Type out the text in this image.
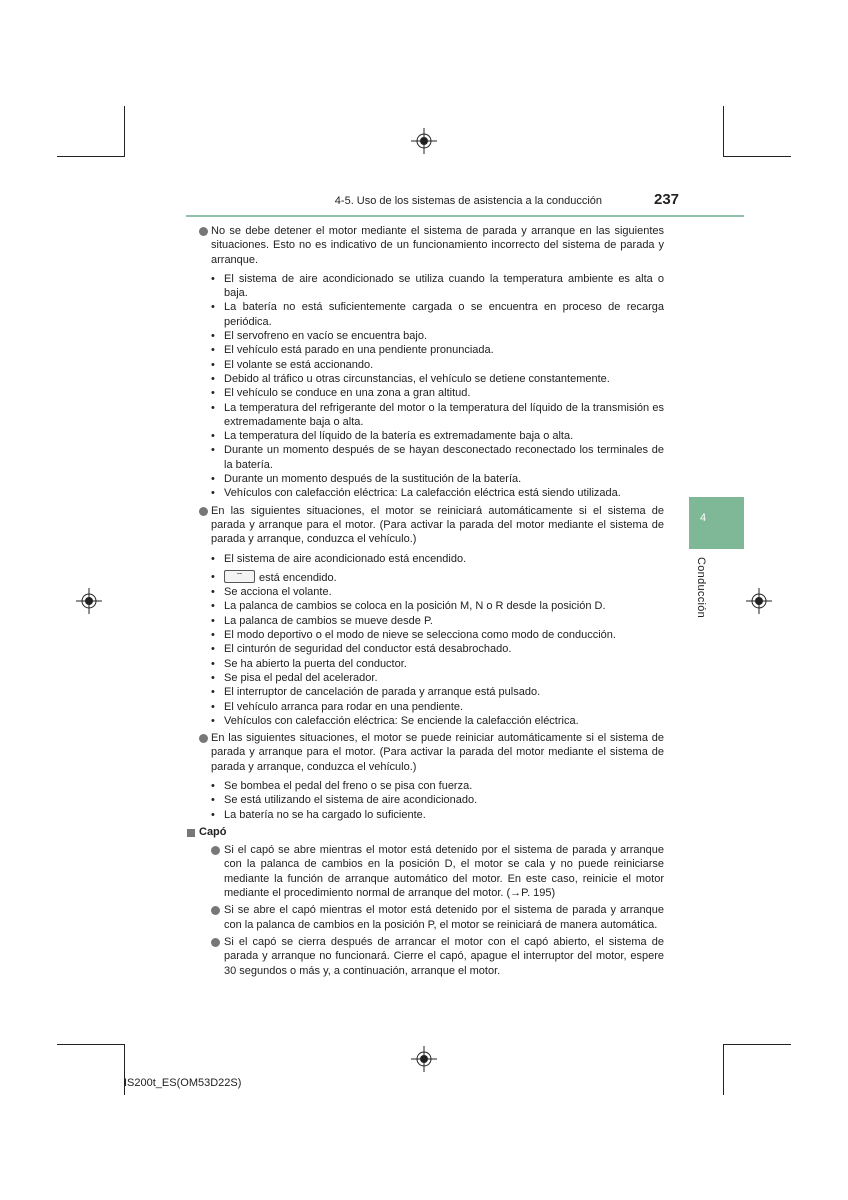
4-5. Uso de los sistemas de asistencia a la conducción	237
4
Conducción
No se debe detener el motor mediante el sistema de parada y arranque en las siguientes situaciones. Esto no es indicativo de un funcionamiento incorrecto del sistema de parada y arranque.
• El sistema de aire acondicionado se utiliza cuando la temperatura ambiente es alta o baja.
• La batería no está suficientemente cargada o se encuentra en proceso de recarga periódica.
• El servofreno en vacío se encuentra bajo.
• El vehículo está parado en una pendiente pronunciada.
• El volante se está accionando.
• Debido al tráfico u otras circunstancias, el vehículo se detiene constantemente.
• El vehículo se conduce en una zona a gran altitud.
• La temperatura del refrigerante del motor o la temperatura del líquido de la transmisión es extremadamente baja o alta.
• La temperatura del líquido de la batería es extremadamente baja o alta.
• Durante un momento después de se hayan desconectado reconectado los terminales de la batería.
• Durante un momento después de la sustitución de la batería.
• Vehículos con calefacción eléctrica: La calefacción eléctrica está siendo utilizada.
En las siguientes situaciones, el motor se reiniciará automáticamente si el sistema de parada y arranque para el motor. (Para activar la parada del motor mediante el sistema de parada y arranque, conduzca el vehículo.)
• El sistema de aire acondicionado está encendido.
•	⌔	está encendido.
• Se acciona el volante.
• La palanca de cambios se coloca en la posición M, N o R desde la posición D.
• La palanca de cambios se mueve desde P.
• El modo deportivo o el modo de nieve se selecciona como modo de conducción.
• El cinturón de seguridad del conductor está desabrochado.
• Se ha abierto la puerta del conductor.
• Se pisa el pedal del acelerador.
• El interruptor de cancelación de parada y arranque está pulsado.
• El vehículo arranca para rodar en una pendiente.
• Vehículos con calefacción eléctrica: Se enciende la calefacción eléctrica.
En las siguientes situaciones, el motor se puede reiniciar automáticamente si el sistema de parada y arranque para el motor. (Para activar la parada del motor mediante el sistema de parada y arranque, conduzca el vehículo.)
• Se bombea el pedal del freno o se pisa con fuerza.
• Se está utilizando el sistema de aire acondicionado.
• La batería no se ha cargado lo suficiente.
Capó
Si el capó se abre mientras el motor está detenido por el sistema de parada y arranque con la palanca de cambios en la posición D, el motor se cala y no puede reiniciarse mediante la función de arranque automático del motor. En este caso, reinicie el motor mediante el procedimiento normal de arranque del motor. (→P. 195)
Si se abre el capó mientras el motor está detenido por el sistema de parada y arranque con la palanca de cambios en la posición P, el motor se reiniciará de manera automática.
Si el capó se cierra después de arrancar el motor con el capó abierto, el sistema de parada y arranque no funcionará. Cierre el capó, apague el interruptor del motor, espere 30 segundos o más y, a continuación, arranque el motor.
IS200t_ES(OM53D22S)
